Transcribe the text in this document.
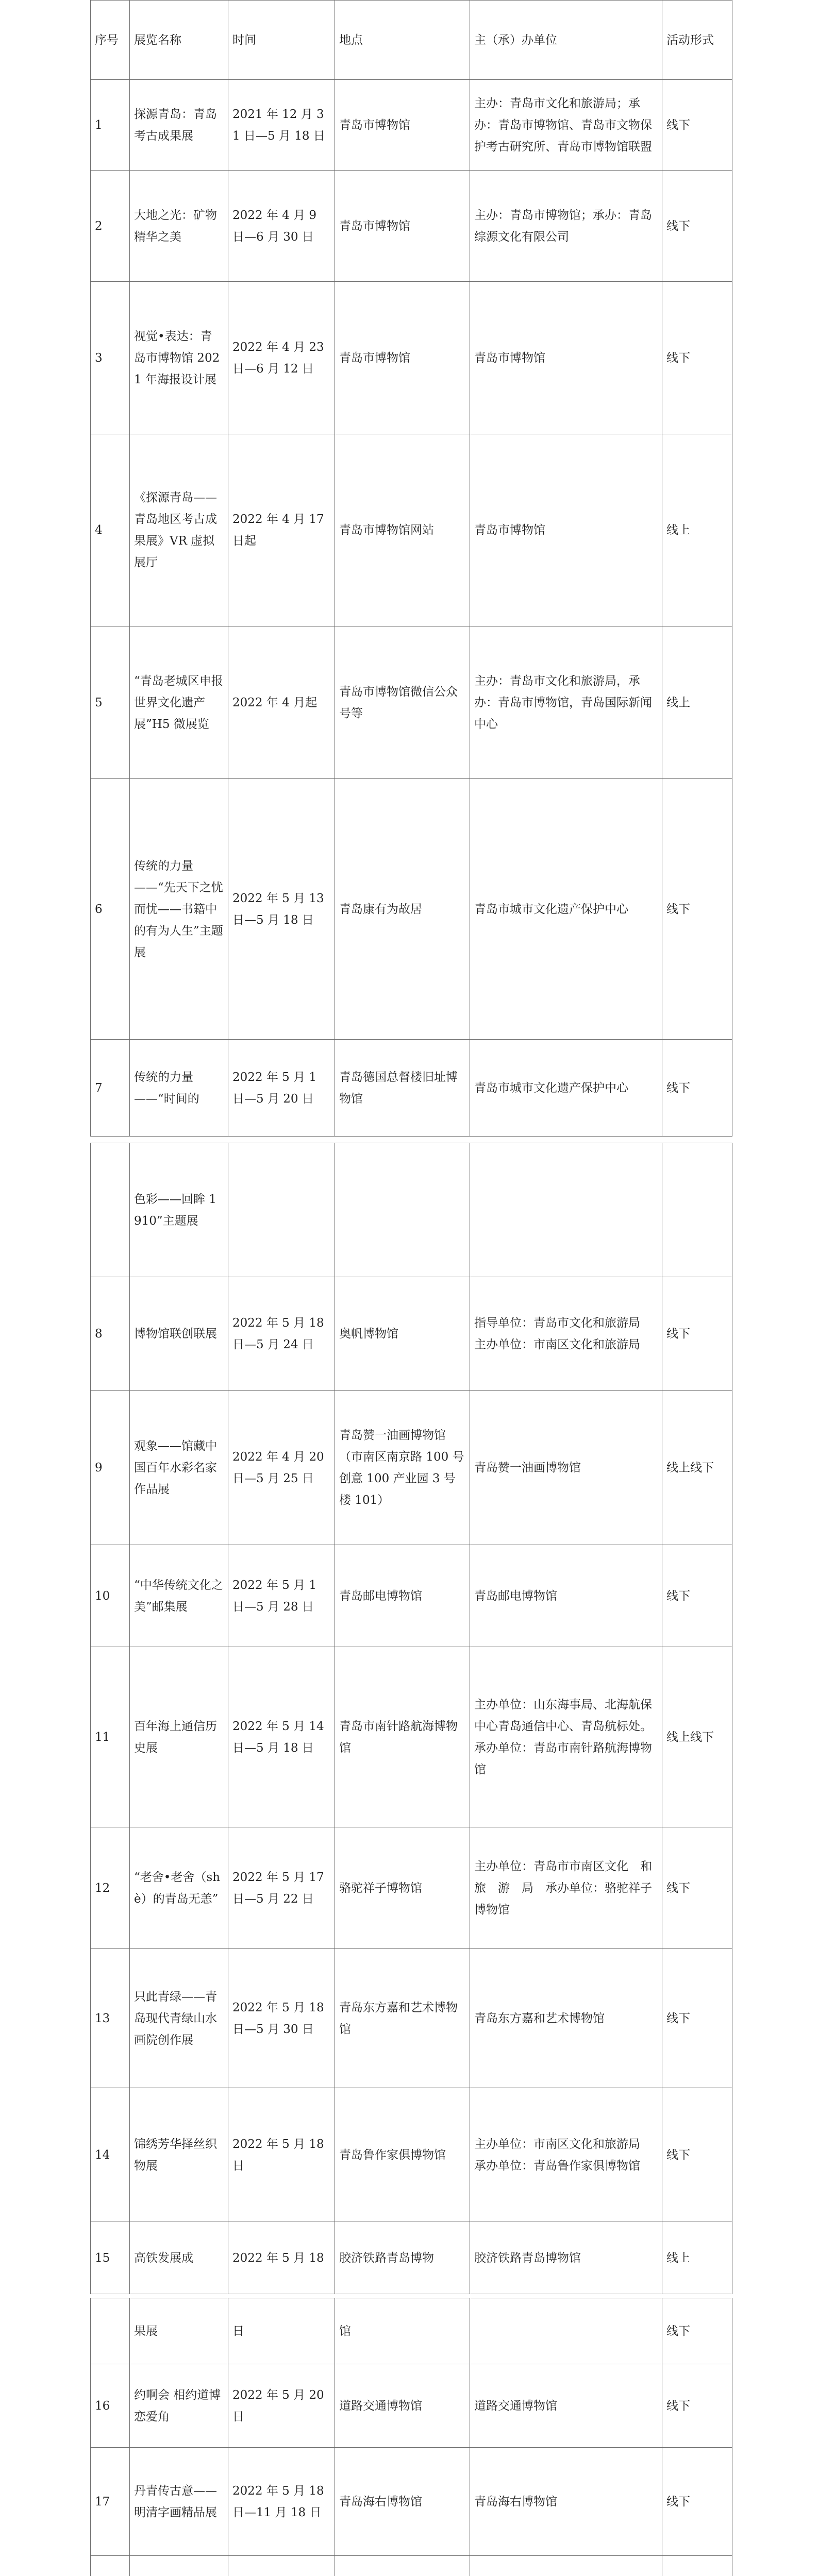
序号	展览名称	时间	地点	主（承）办单位	活动形式
1	探源青岛：青岛考古成果展	2021 年 12 月 31 日—5 月 18 日	青岛市博物馆	主办：青岛市文化和旅游局；承办：青岛市博物馆、青岛市文物保护考古研究所、青岛市博物馆联盟	线下
2	大地之光：矿物精华之美	2022 年 4 月 9 日—6 月 30 日	青岛市博物馆	主办：青岛市博物馆；承办：青岛综源文化有限公司	线下
3	视觉•表达：青岛市博物馆 2021 年海报设计展	2022 年 4 月 23 日—6 月 12 日	青岛市博物馆	青岛市博物馆	线下
4	《探源青岛——青岛地区考古成果展》VR 虚拟展厅	2022 年 4 月 17 日起	青岛市博物馆网站	青岛市博物馆	线上
5	“青岛老城区申报世界文化遗产展”H5 微展览	2022 年 4 月起	青岛市博物馆微信公众号等	主办：青岛市文化和旅游局，承办：青岛市博物馆，青岛国际新闻中心	线上
6	传统的力量——“先天下之忧而忧——书籍中的有为人生”主题展	2022 年 5 月 13 日—5 月 18 日	青岛康有为故居	青岛市城市文化遗产保护中心	线下
7	传统的力量——“时间的	2022 年 5 月 1 日—5 月 20 日	青岛德国总督楼旧址博物馆	青岛市城市文化遗产保护中心	线下
	色彩——回眸 1910”主题展				
8	博物馆联创联展	2022 年 5 月 18 日—5 月 24 日	奥帆博物馆	指导单位：青岛市文化和旅游局　　　　主办单位：市南区文化和旅游局	线下
9	观象——馆藏中国百年水彩名家作品展	2022 年 4 月 20 日—5 月 25 日	青岛赞一油画博物馆（市南区南京路 100 号创意 100 产业园 3 号楼 101）	青岛赞一油画博物馆	线上线下
10	“中华传统文化之美”邮集展	2022 年 5 月 1 日—5 月 28 日	青岛邮电博物馆	青岛邮电博物馆	线下
11	百年海上通信历史展	2022 年 5 月 14 日—5 月 18 日	青岛市南针路航海博物馆	主办单位：山东海事局、北海航保中心青岛通信中心、青岛航标处。承办单位：青岛市南针路航海博物馆	线上线下
12	“老舍•老舍（shè）的青岛无恙”	2022 年 5 月 17 日—5 月 22 日	骆驼祥子博物馆	主办单位：青岛市市南区文化　和　旅　游　局　承办单位：骆驼祥子博物馆	线下
13	只此青绿——青岛现代青绿山水画院创作展	2022 年 5 月 18 日—5 月 30 日	青岛东方嘉和艺术博物馆	青岛东方嘉和艺术博物馆	线下
14	锦绣芳华择丝织物展	2022 年 5 月 18 日	青岛鲁作家俱博物馆	主办单位：市南区文化和旅游局　　　　承办单位：青岛鲁作家俱博物馆	线下
15	高铁发展成	2022 年 5 月 18	胶济铁路青岛博物	胶济铁路青岛博物馆	线上
	果展	日	馆		线下
16	约啊会 相约道博恋爱角	2022 年 5 月 20 日	道路交通博物馆	道路交通博物馆	线下
17	丹青传古意——明清字画精品展	2022 年 5 月 18 日—11 月 18 日	青岛海右博物馆	青岛海右博物馆	线下
